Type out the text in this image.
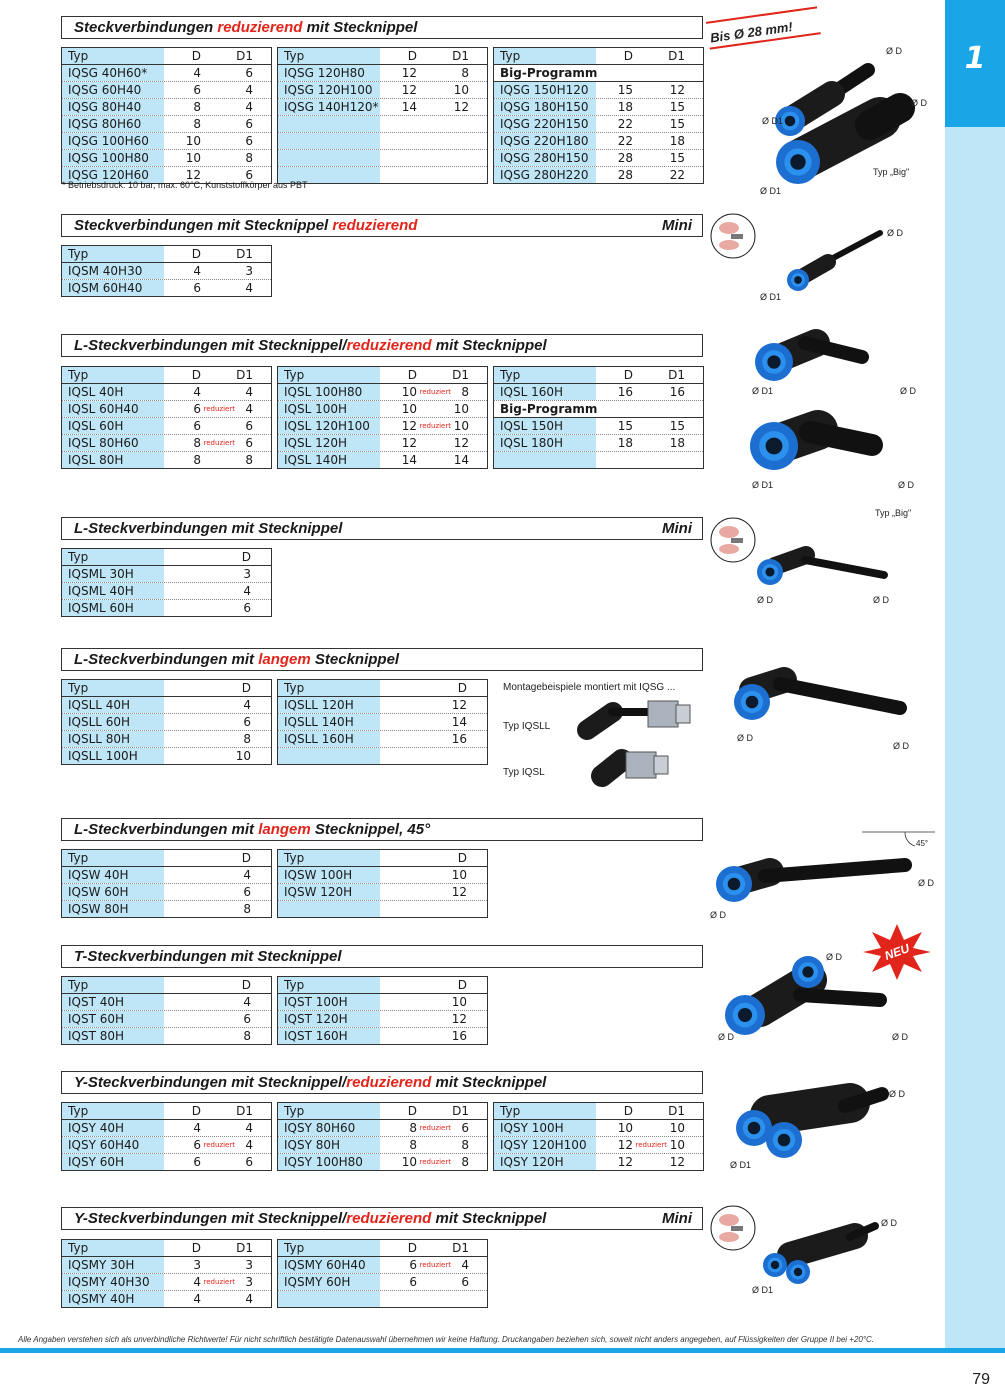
1
Alle Angaben verstehen sich als unverbindliche Richtwerte! Für nicht schriftlich bestätigte Datenauswahl übernehmen wir keine Haftung. Druckangaben beziehen sich, soweit nicht anders angegeben, auf Flüssigkeiten der Gruppe II bei +20°C.
79
Steckverbindungen reduzierend mit Stecknippel
Typ	D	D1
IQSG 40H60*	4	6
IQSG 60H40	6	4
IQSG 80H40	8	4
IQSG 80H60	8	6
IQSG 100H60	10	6
IQSG 100H80	10	8
IQSG 120H60	12	6
Typ	D	D1
IQSG 120H80	12	8
IQSG 120H100	12	10
IQSG 140H120* 14	12
Typ	D	D1
Big-Programm
IQSG 150H120	15	12
IQSG 180H150	18	15
IQSG 220H150	22	15
IQSG 220H180	22	18
IQSG 280H150	28	15
IQSG 280H220	28	22
* Betriebsdruck: 10 bar, max. 60°C, Kunststoffkörper aus PBT
Steckverbindungen mit Stecknippel reduzierend	Mini
Typ	D	D1
IQSM 40H30	4	3
IQSM 60H40	6	4
L-Steckverbindungen mit Stecknippel/reduzierend mit Stecknippel
Typ	D	D1
IQSL 40H	4	4
IQSL 60H40	6 reduziert 4
IQSL 60H	6	6
IQSL 80H60	8 reduziert 6
IQSL 80H	8	8
Typ	D	D1
IQSL 100H80	10 reduziert 8
IQSL 100H	10	10
IQSL 120H100	12 reduziert 10
IQSL 120H	12	12
IQSL 140H	14	14
Typ	D	D1
IQSL 160H	16	16
Big-Programm
IQSL 150H	15	15
IQSL 180H	18	18
L-Steckverbindungen mit Stecknippel	Mini
Typ	D
IQSML 30H	3
IQSML 40H	4
IQSML 60H	6
L-Steckverbindungen mit langem Stecknippel
Typ	D
IQSLL 40H	4
IQSLL 60H	6
IQSLL 80H	8
IQSLL 100H	10
Typ	D
IQSLL 120H	12
IQSLL 140H	14
IQSLL 160H	16
L-Steckverbindungen mit langem Stecknippel, 45°
Typ	D
IQSW 40H	4
IQSW 60H	6
IQSW 80H	8
Typ	D
IQSW 100H	10
IQSW 120H	12
T-Steckverbindungen mit Stecknippel
Typ	D
IQST 40H	4
IQST 60H	6
IQST 80H	8
Typ	D
IQST 100H	10
IQST 120H	12
IQST 160H	16
Y-Steckverbindungen mit Stecknippel/reduzierend mit Stecknippel
Typ	D	D1
IQSY 40H	4	4
IQSY 60H40	6 reduziert 4
IQSY 60H	6	6
Typ	D	D1
IQSY 80H60	8 reduziert 6
IQSY 80H	8	8
IQSY 100H80	10 reduziert 8
Typ	D	D1
IQSY 100H	10	10
IQSY 120H100	12 reduziert 10
IQSY 120H	12	12
Y-Steckverbindungen mit Stecknippel/reduzierend mit Stecknippel	Mini
Typ	D	D1
IQSMY 30H	3	3
IQSMY 40H30	4 reduziert 3
IQSMY 40H	4	4
Typ	D	D1
IQSMY 60H40	6 reduziert 4
IQSMY 60H	6	6
Bis Ø 28 mm!
Ø D
Ø D1
Ø D
Ø D1
Typ „Big"
Ø D
Ø D1
Ø D1	Ø D
Ø D1	Ø D
Typ „Big"
Ø D	Ø D
Montagebeispiele montiert mit IQSG ...
Typ IQSLL
Typ IQSL
Ø D
Ø D
45°
Ø D
Ø D
NEU
Ø D
Ø D
Ø D
Ø D
Ø D1
Ø D
Ø D1
